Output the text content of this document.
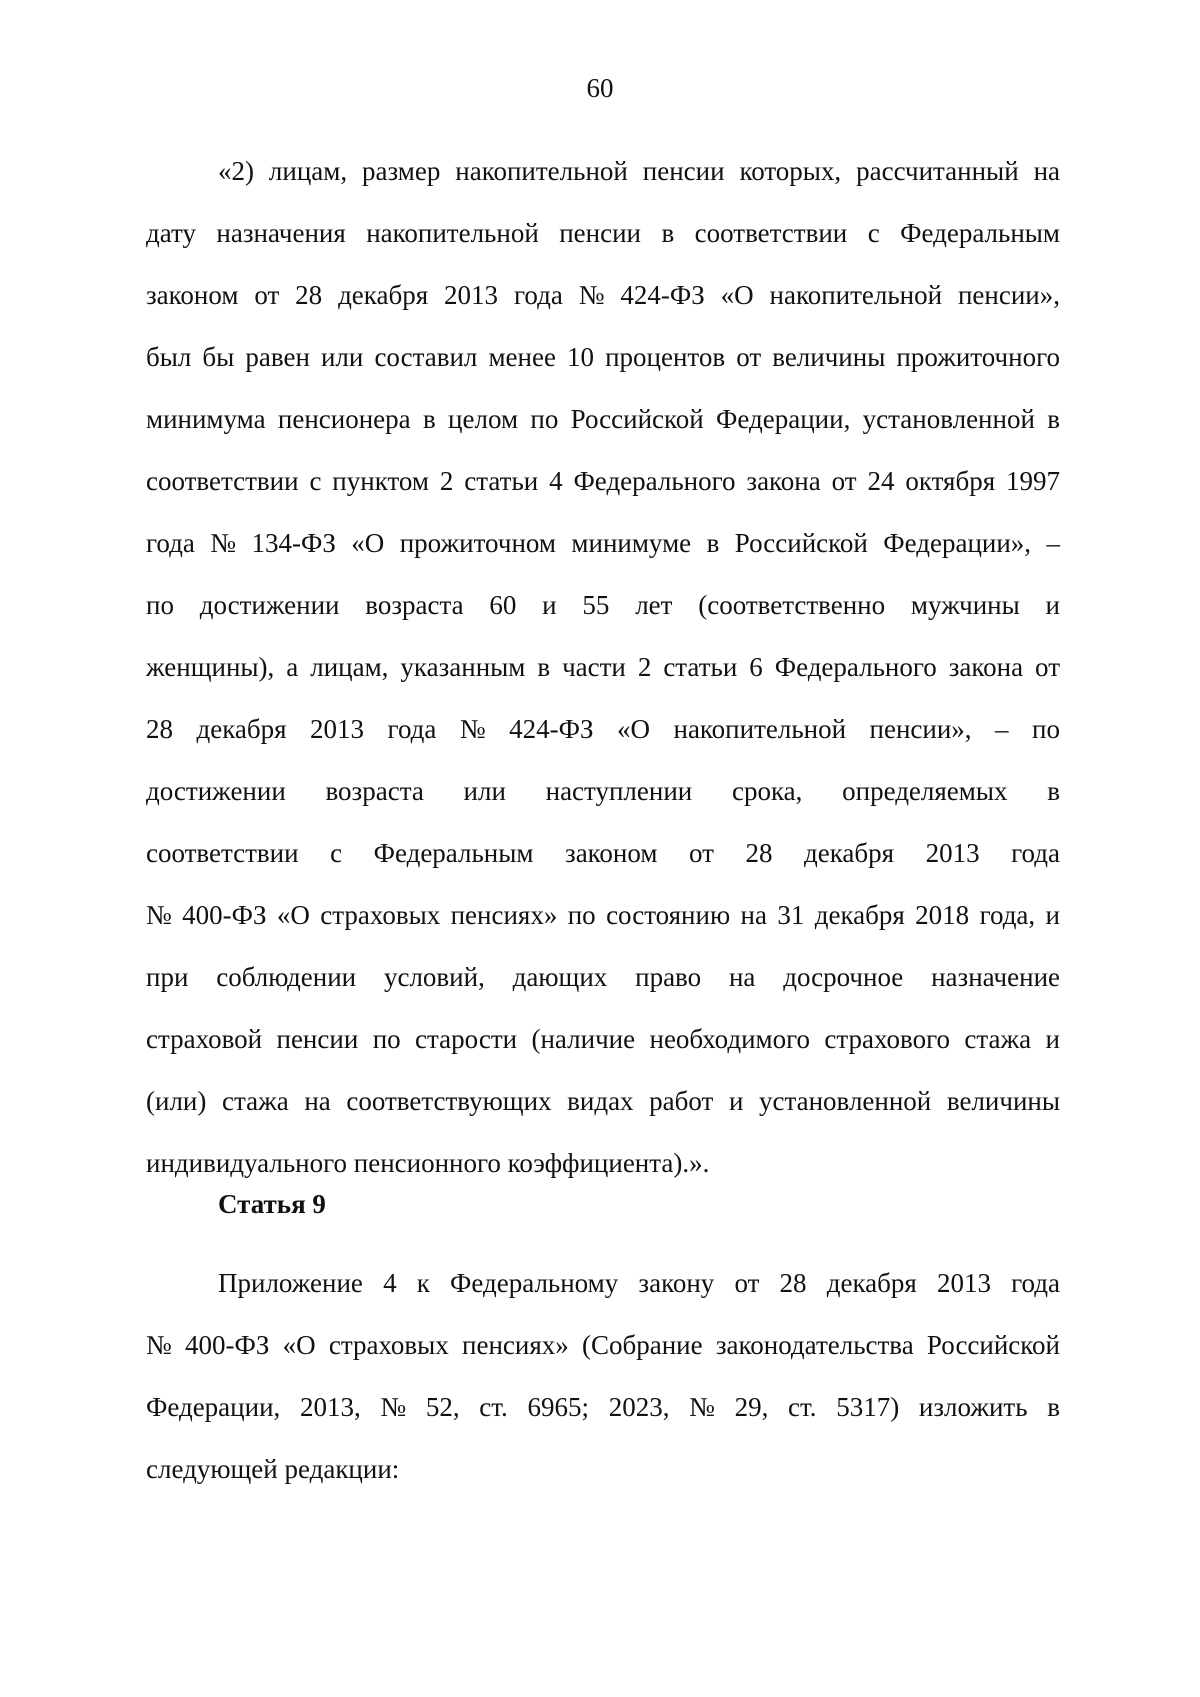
60
«2) лицам, размер накопительной пенсии которых, рассчитанный на
дату назначения накопительной пенсии в соответствии с Федеральным
законом от 28 декабря 2013 года № 424-ФЗ «О накопительной пенсии»,
был бы равен или составил менее 10 процентов от величины прожиточного
минимума пенсионера в целом по Российской Федерации, установленной в
соответствии с пунктом 2 статьи 4 Федерального закона от 24 октября 1997
года № 134-ФЗ «О прожиточном минимуме в Российской Федерации», –
по достижении возраста 60 и 55 лет (соответственно мужчины и
женщины), а лицам, указанным в части 2 статьи 6 Федерального закона от
28 декабря 2013 года № 424-ФЗ «О накопительной пенсии», – по
достижении возраста или наступлении срока, определяемых в
соответствии с Федеральным законом от 28 декабря 2013 года
№ 400-ФЗ «О страховых пенсиях» по состоянию на 31 декабря 2018 года, и
при соблюдении условий, дающих право на досрочное назначение
страховой пенсии по старости (наличие необходимого страхового стажа и
(или) стажа на соответствующих видах работ и установленной величины
индивидуального пенсионного коэффициента).».
Статья 9
Приложение 4 к Федеральному закону от 28 декабря 2013 года
№ 400-ФЗ «О страховых пенсиях» (Собрание законодательства Российской
Федерации, 2013, № 52, ст. 6965; 2023, № 29, ст. 5317) изложить в
следующей редакции:
